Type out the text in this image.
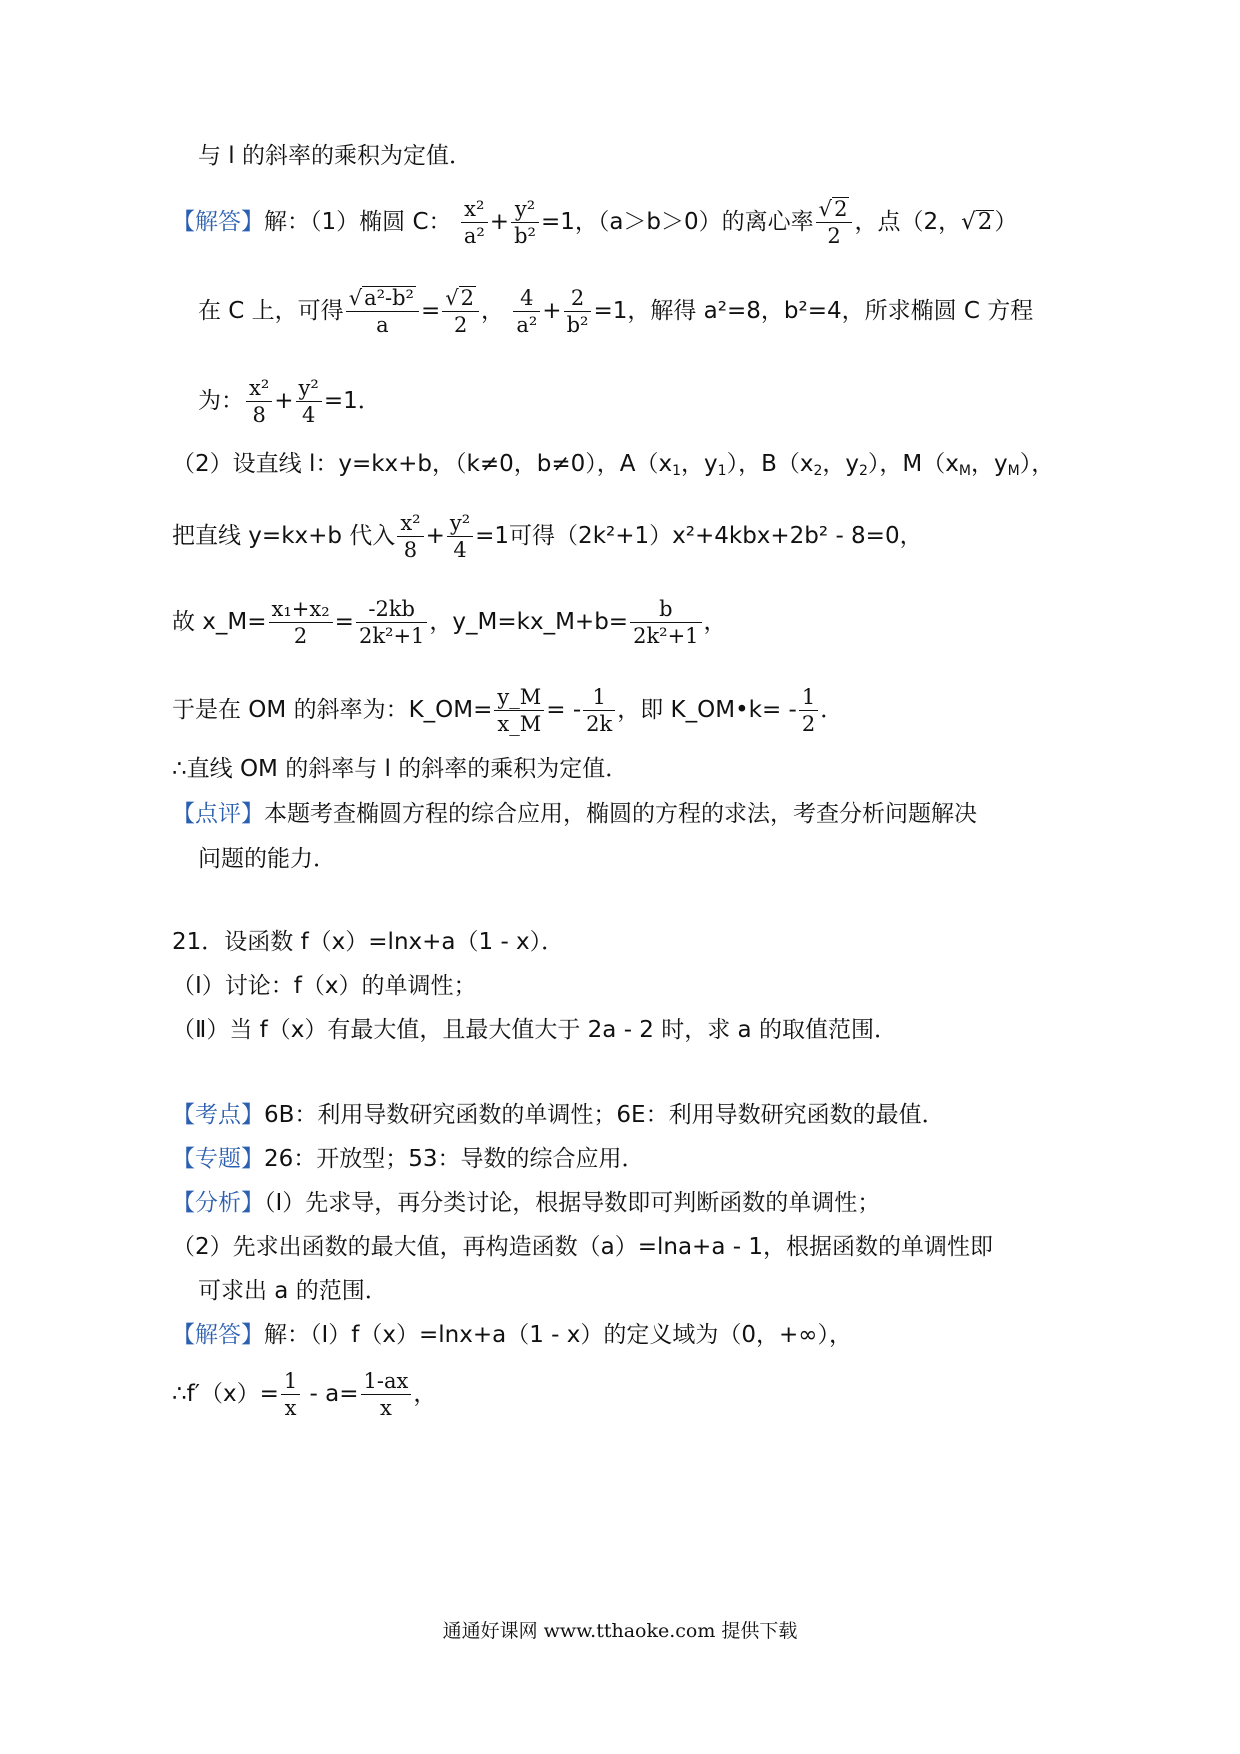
与 l 的斜率的乘积为定值．
【解答】解：（1）椭圆 C： $\frac{\text{x²}}{\text{a²}} + \frac{\text{y²}}{\text{b²}} =1$，（a＞b＞0）的离心率 $\frac{√2}{2}$ ，点（2，√2）
在 C 上，可得 $\frac{\text{√a²-b²}}{a} = \frac{√2}{2}$ ， $\frac{4}{\text{a²}} + \frac{2}{\text{b²}} =1$，解得 a²=8，b²=4，所求椭圆 C 方程
为： $\frac{\text{x²}}{8} + \frac{\text{y²}}{4} =1$．
（2）设直线 l：y=kx+b，（k≠0，b≠0），$A(x_1$，$y_1$），$B(x_2$，$y_2$），$M(x_M$，$y_M$），
把直线 y=kx+b 代入 $\frac{\text{x²}}{8} + \frac{\text{y²}}{4} =1$可得（2k²+1）x²+4kbx+2b² - 8=0，
故 x_M= $\frac{\text{x₁+x₂}}{2} = \frac{-2kb}{\text{2k²+1}}$ ，y_M=kx_M+b= $\frac{b}{\text{2k²+1}}$ ，
于是在 OM 的斜率为：K_OM= $\frac{y\_M}{x\_M}$ = - $\frac{1}{2k}$ ，即 K_OM•k= - $\frac{1}{2}$ ．
∴直线 OM 的斜率与 l 的斜率的乘积为定值．
【点评】本题考查椭圆方程的综合应用，椭圆的方程的求法，考查分析问题解决
问题的能力．
21．设函数 f（x）=lnx+a（1 - x）．
（Ⅰ）讨论：f（x）的单调性；
（Ⅱ）当 f（x）有最大值，且最大值大于 2a - 2 时，求 a 的取值范围．
【考点】6B：利用导数研究函数的单调性；6E：利用导数研究函数的最值．
【专题】26：开放型；53：导数的综合应用．
【分析】（Ⅰ）先求导，再分类讨论，根据导数即可判断函数的单调性；
（2）先求出函数的最大值，再构造函数（a）=lna+a - 1，根据函数的单调性即
可求出 a 的范围．
【解答】解：（Ⅰ）f（x）=lnx+a（1 - x）的定义域为（0，+∞），
∴f′（x）= $\frac{1}{x} - a= \frac{1-ax}{x}$ ，
通通好课网 www.tthaoke.com 提供下载
